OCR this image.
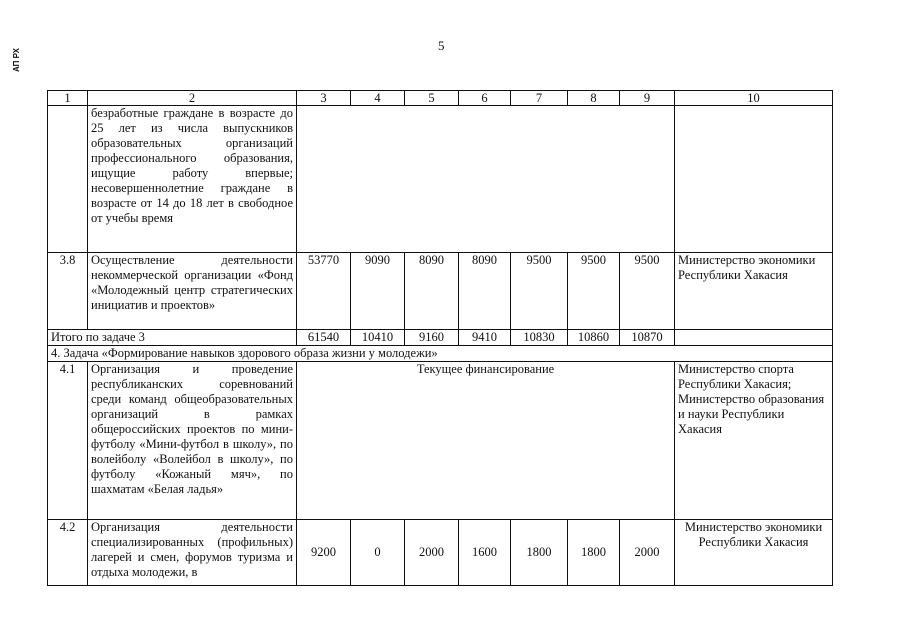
5
АП РХ
1	2	3	4	5	6	7	8	9	10
	безработные граждане в возрасте до 25 лет из числа выпускников образовательных организаций профессионального образования, ищущие работу впервые; несовершеннолетние граждане в возрасте от 14 до 18 лет в свободное от учебы время								
3.8	Осуществление деятельности некоммерческой организации «Фонд «Молодежный центр стратегических инициатив и проектов»	53770	9090	8090	8090	9500	9500	9500	Министерство экономики Республики Хакасия
Итого по задаче 3		61540	10410	9160	9410	10830	10860	10870	
4. Задача «Формирование навыков здорового образа жизни у молодежи»									
4.1	Организация и проведение республиканских соревнований среди команд общеобразовательных организаций в рамках общероссийских проектов по мини-футболу «Мини-футбол в школу», по волейболу «Волейбол в школу», по футболу «Кожаный мяч», по шахматам «Белая ладья»	Текущее финансирование							Министерство спорта Республики Хакасия; Министерство образования и науки Республики Хакасия
4.2	Организация деятельности специализированных (профильных) лагерей и смен, форумов туризма и отдыха молодежи, в	9200	0	2000	1600	1800	1800	2000	Министерство экономики Республики Хакасия
